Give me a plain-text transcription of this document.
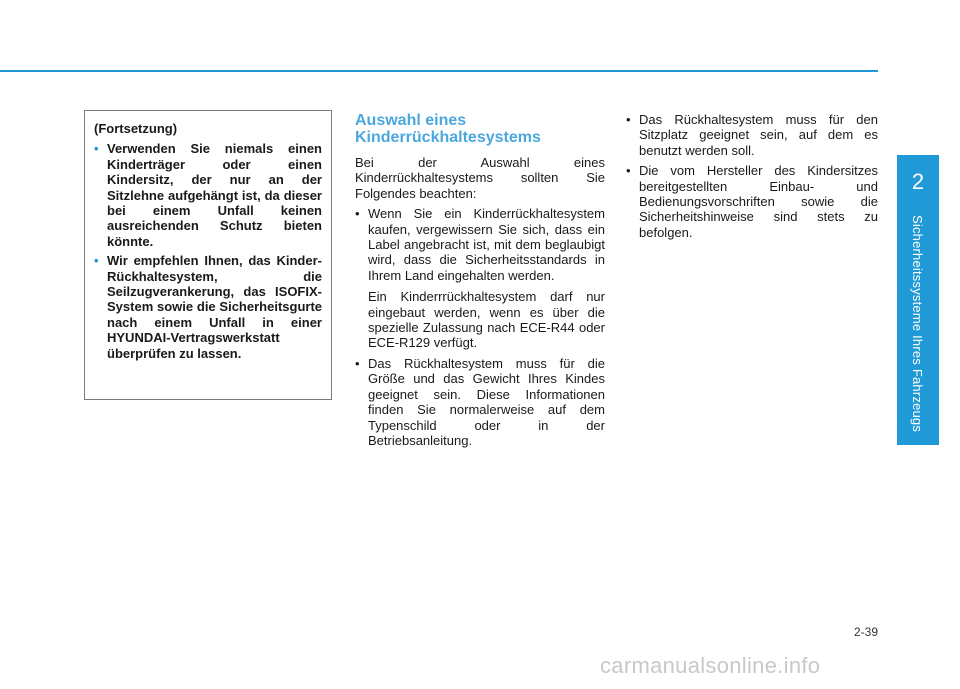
2
Sicherheitssysteme Ihres Fahrzeugs

(Fortsetzung)

• Verwenden Sie niemals einen Kinderträger oder einen Kindersitz, der nur an der Sitzlehne aufgehängt ist, da dieser bei einem Unfall keinen ausreichenden Schutz bieten könnte.
• Wir empfehlen Ihnen, das Kinder-Rückhaltesystem, die Seilzugverankerung, das ISOFIX-System sowie die Sicherheitsgurte nach einem Unfall in einer HYUNDAI-Vertragswerkstatt überprüfen zu lassen.
Auswahl eines Kinderrückhaltesystems

Bei der Auswahl eines Kinderrückhaltesystems sollten Sie Folgendes beachten:

• Wenn Sie ein Kinderrückhaltesystem kaufen, vergewissern Sie sich, dass ein Label angebracht ist, mit dem beglaubigt wird, dass die Sicherheitsstandards in Ihrem Land eingehalten werden.

Ein Kinderrrückhaltesystem darf nur eingebaut werden, wenn es über die spezielle Zulassung nach ECE-R44 oder ECE-R129 verfügt.

• Das Rückhaltesystem muss für die Größe und das Gewicht Ihres Kindes geeignet sein. Diese Informationen finden Sie normalerweise auf dem Typenschild oder in der Betriebsanleitung.
• Das Rückhaltesystem muss für den Sitzplatz geeignet sein, auf dem es benutzt werden soll.
• Die vom Hersteller des Kindersitzes bereitgestellten Einbau- und Bedienungsvorschriften sowie die Sicherheitshinweise sind stets zu befolgen.
2-39
carmanualsonline.info
